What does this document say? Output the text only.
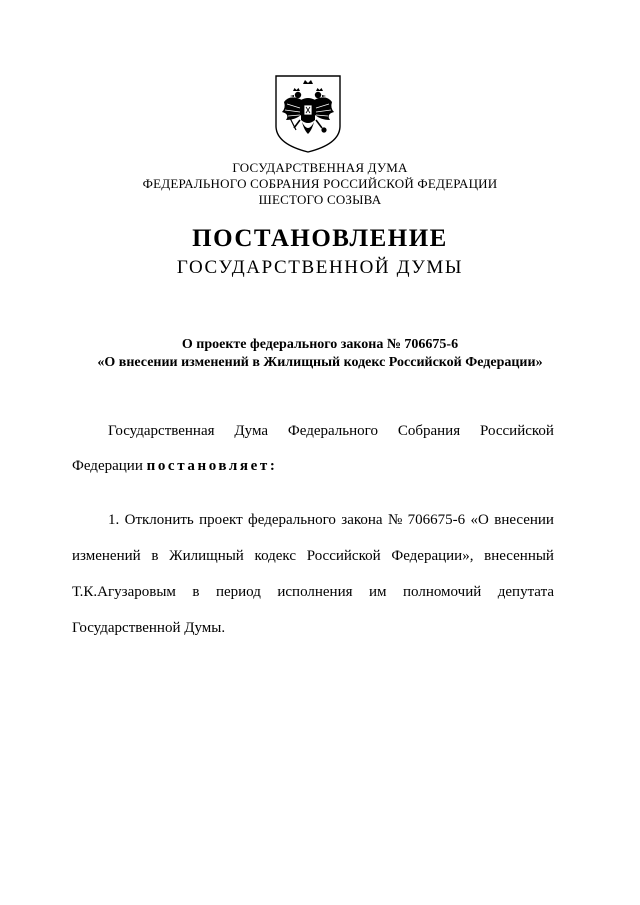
ГОСУДАРСТВЕННАЯ ДУМА
ФЕДЕРАЛЬНОГО СОБРАНИЯ РОССИЙСКОЙ ФЕДЕРАЦИИ
ШЕСТОГО СОЗЫВА
ПОСТАНОВЛЕНИЕ
ГОСУДАРСТВЕННОЙ ДУМЫ
О проекте федерального закона № 706675-6
«О внесении изменений в Жилищный кодекс Российской Федерации»
Государственная Дума Федерального Собрания Российской
Федерации постановляет:
1. Отклонить проект федерального закона № 706675-6 «О внесении
изменений в Жилищный кодекс Российской Федерации», внесенный
Т.К.Агузаровым в период исполнения им полномочий депутата
Государственной Думы.
